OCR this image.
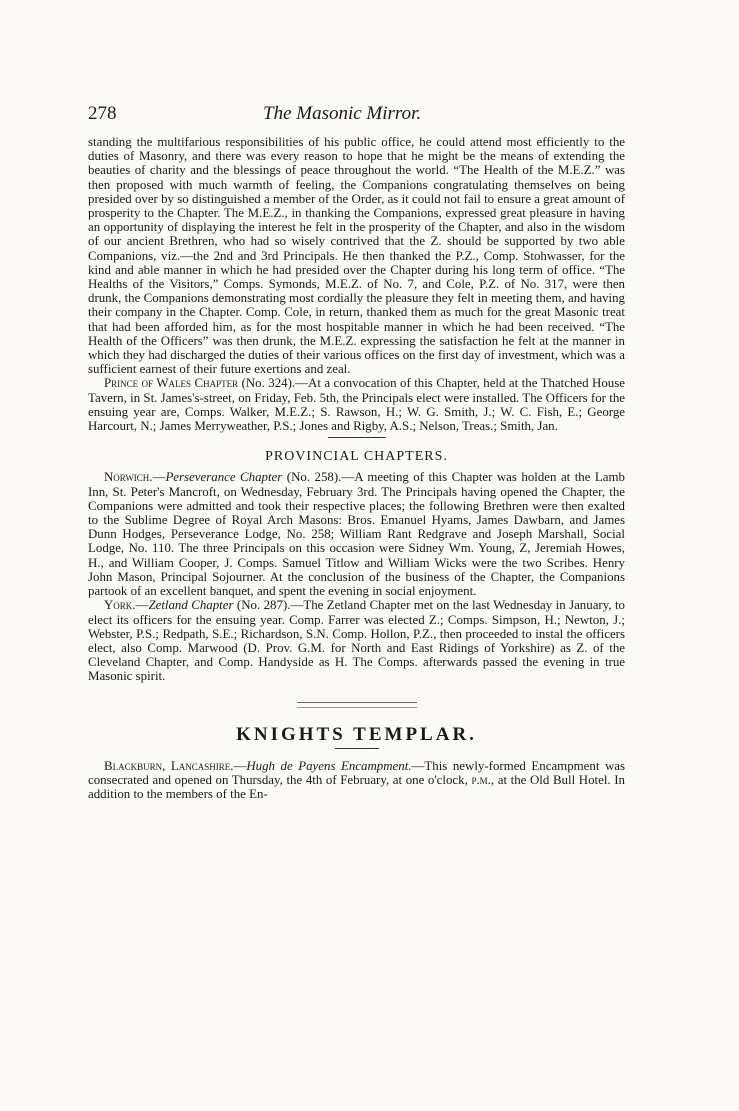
278	The Masonic Mirror.

standing the multifarious responsibilities of his public office, he could attend most efficiently to the duties of Masonry, and there was every reason to hope that he might be the means of extending the beauties of charity and the blessings of peace throughout the world. “The Health of the M.E.Z.” was then proposed with much warmth of feeling, the Companions congratulating themselves on being presided over by so distinguished a member of the Order, as it could not fail to ensure a great amount of prosperity to the Chapter. The M.E.Z., in thanking the Companions, expressed great pleasure in having an opportunity of displaying the interest he felt in the prosperity of the Chapter, and also in the wisdom of our ancient Brethren, who had so wisely contrived that the Z. should be supported by two able Companions, viz.—the 2nd and 3rd Principals. He then thanked the P.Z., Comp. Stohwasser, for the kind and able manner in which he had presided over the Chapter during his long term of office. “The Healths of the Visitors,” Comps. Symonds, M.E.Z. of No. 7, and Cole, P.Z. of No. 317, were then drunk, the Companions demonstrating most cordially the pleasure they felt in meeting them, and having their company in the Chapter. Comp. Cole, in return, thanked them as much for the great Masonic treat that had been afforded him, as for the most hospitable manner in which he had been received. “The Health of the Officers” was then drunk, the M.E.Z. expressing the satisfaction he felt at the manner in which they had discharged the duties of their various offices on the first day of investment, which was a sufficient earnest of their future exertions and zeal.

Prince of Wales Chapter (No. 324).—At a convocation of this Chapter, held at the Thatched House Tavern, in St. James's-street, on Friday, Feb. 5th, the Principals elect were installed. The Officers for the ensuing year are, Comps. Walker, M.E.Z.; S. Rawson, H.; W. G. Smith, J.; W. C. Fish, E.; George Harcourt, N.; James Merryweather, P.S.; Jones and Rigby, A.S.; Nelson, Treas.; Smith, Jan.

PROVINCIAL CHAPTERS.

Norwich.—Perseverance Chapter (No. 258).—A meeting of this Chapter was holden at the Lamb Inn, St. Peter's Mancroft, on Wednesday, February 3rd. The Principals having opened the Chapter, the Companions were admitted and took their respective places; the following Brethren were then exalted to the Sublime Degree of Royal Arch Masons: Bros. Emanuel Hyams, James Dawbarn, and James Dunn Hodges, Perseverance Lodge, No. 258; William Rant Redgrave and Joseph Marshall, Social Lodge, No. 110. The three Principals on this occasion were Sidney Wm. Young, Z, Jeremiah Howes, H., and William Cooper, J. Comps. Samuel Titlow and William Wicks were the two Scribes. Henry John Mason, Principal Sojourner. At the conclusion of the business of the Chapter, the Companions partook of an excellent banquet, and spent the evening in social enjoyment.

York.—Zetland Chapter (No. 287).—The Zetland Chapter met on the last Wednesday in January, to elect its officers for the ensuing year. Comp. Farrer was elected Z.; Comps. Simpson, H.; Newton, J.; Webster, P.S.; Redpath, S.E.; Richardson, S.N. Comp. Hollon, P.Z., then proceeded to instal the officers elect, also Comp. Marwood (D. Prov. G.M. for North and East Ridings of Yorkshire) as Z. of the Cleveland Chapter, and Comp. Handyside as H. The Comps. afterwards passed the evening in true Masonic spirit.

KNIGHTS TEMPLAR.

Blackburn, Lancashire.—Hugh de Payens Encampment.—This newly-formed Encampment was consecrated and opened on Thursday, the 4th of February, at one o'clock, p.m., at the Old Bull Hotel. In addition to the members of the En-
